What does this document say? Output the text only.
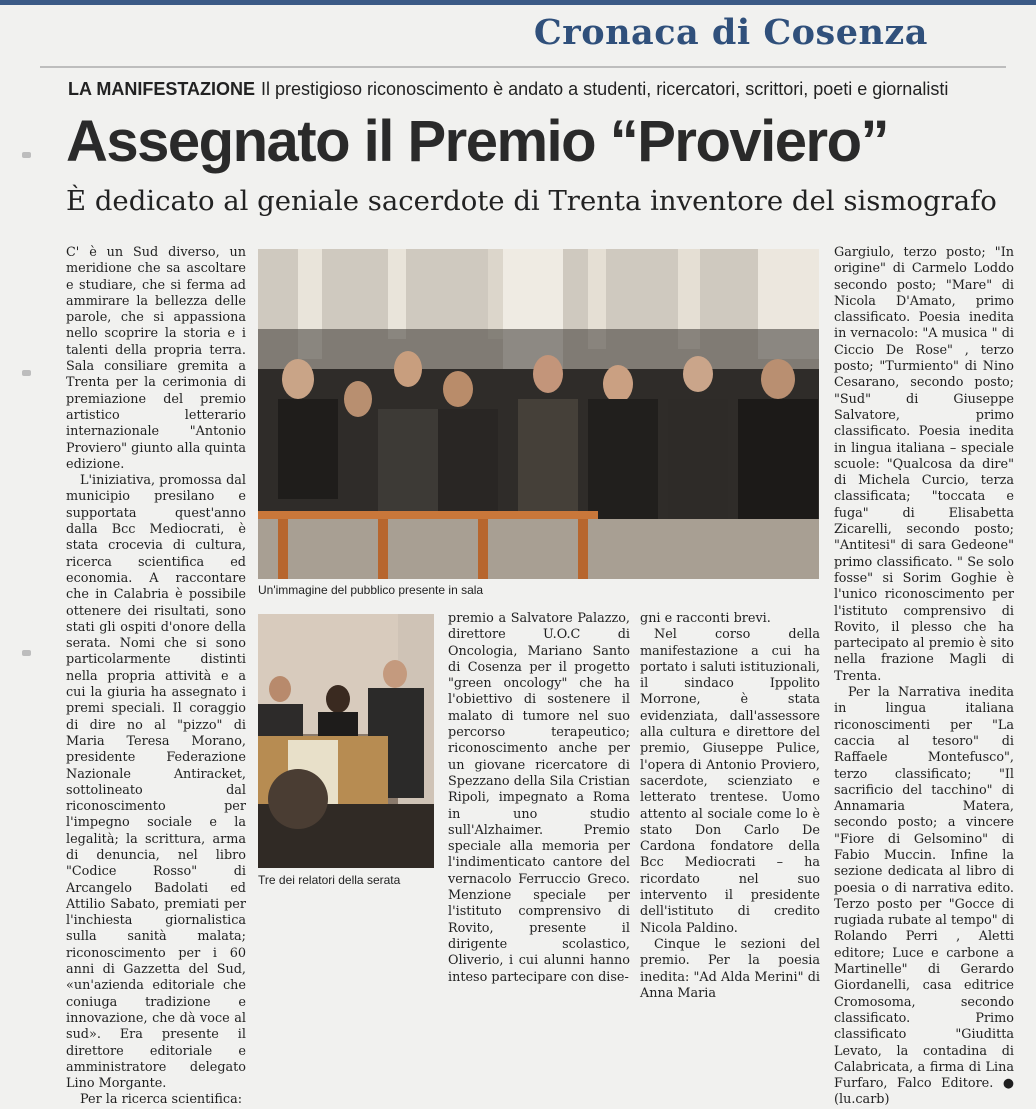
Cronaca di Cosenza
LA MANIFESTAZIONE Il prestigioso riconoscimento è andato a studenti, ricercatori, scrittori, poeti e giornalisti
Assegnato il Premio “Proviero”
È dedicato al geniale sacerdote di Trenta inventore del sismografo

C' è un Sud diverso, un meridione che sa ascoltare e studiare, che si ferma ad ammirare la bellezza delle parole, che si appassiona nello scoprire la storia e i talenti della propria terra. Sala consiliare gremita a Trenta per la cerimonia di premiazione del premio artistico letterario internazionale "Antonio Proviero" giunto alla quinta edizione.

L'iniziativa, promossa dal municipio presilano e supportata quest'anno dalla Bcc Mediocrati, è stata crocevia di cultura, ricerca scientifica ed economia. A raccontare che in Calabria è possibile ottenere dei risultati, sono stati gli ospiti d'onore della serata. Nomi che si sono particolarmente distinti nella propria attività e a cui la giuria ha assegnato i premi speciali. Il coraggio di dire no al "pizzo" di Maria Teresa Morano, presidente Federazione Nazionale Antiracket, sottolineato dal riconoscimento per l'impegno sociale e la legalità; la scrittura, arma di denuncia, nel libro "Codice Rosso" di Arcangelo Badolati ed Attilio Sabato, premiati per l'inchiesta giornalistica sulla sanità malata; riconoscimento per i 60 anni di Gazzetta del Sud, «un'azienda editoriale che coniuga tradizione e innovazione, che dà voce al sud». Era presente il direttore editoriale e amministratore delegato Lino Morgante.

Per la ricerca scientifica:

Un'immagine del pubblico presente in sala
Tre dei relatori della serata

premio a Salvatore Palazzo, direttore U.O.C di Oncologia, Mariano Santo di Cosenza per il progetto "green oncology" che ha l'obiettivo di sostenere il malato di tumore nel suo percorso terapeutico; riconoscimento anche per un giovane ricercatore di Spezzano della Sila Cristian Ripoli, impegnato a Roma in uno studio sull'Alzhaimer. Premio speciale alla memoria per l'indimenticato cantore del vernacolo Ferruccio Greco. Menzione speciale per l'istituto comprensivo di Rovito, presente il dirigente scolastico, Oliverio, i cui alunni hanno inteso partecipare con dise-

gni e racconti brevi.

Nel corso della manifestazione a cui ha portato i saluti istituzionali, il sindaco Ippolito Morrone, è stata evidenziata, dall'assessore alla cultura e direttore del premio, Giuseppe Pulice, l'opera di Antonio Proviero, sacerdote, scienziato e letterato trentese. Uomo attento al sociale come lo è stato Don Carlo De Cardona fondatore della Bcc Mediocrati – ha ricordato nel suo intervento il presidente dell'istituto di credito Nicola Paldino.

Cinque le sezioni del premio. Per la poesia inedita: "Ad Alda Merini" di Anna Maria

Gargiulo, terzo posto; "In origine" di Carmelo Loddo secondo posto; "Mare" di Nicola D'Amato, primo classificato. Poesia inedita in vernacolo: "A musica " di Ciccio De Rose" , terzo posto; "Turmiento" di Nino Cesarano, secondo posto; "Sud" di Giuseppe Salvatore, primo classificato. Poesia inedita in lingua italiana – speciale scuole: "Qualcosa da dire" di Michela Curcio, terza classificata; "toccata e fuga" di Elisabetta Zicarelli, secondo posto; "Antitesi" di sara Gedeone" primo classificato. " Se solo fosse" si Sorim Goghie è l'unico riconoscimento per l'istituto comprensivo di Rovito, il plesso che ha partecipato al premio è sito nella frazione Magli di Trenta.

Per la Narrativa inedita in lingua italiana riconoscimenti per "La caccia al tesoro" di Raffaele Montefusco", terzo classificato; "Il sacrificio del tacchino" di Annamaria Matera, secondo posto; a vincere "Fiore di Gelsomino" di Fabio Muccin. Infine la sezione dedicata al libro di poesia o di narrativa edito. Terzo posto per "Gocce di rugiada rubate al tempo" di Rolando Perri , Aletti editore; Luce e carbone a Martinelle" di Gerardo Giordanelli, casa editrice Cromosoma, secondo classificato. Primo classificato "Giuditta Levato, la contadina di Calabricata, a firma di Lina Furfaro, Falco Editore. ● (lu.carb)
